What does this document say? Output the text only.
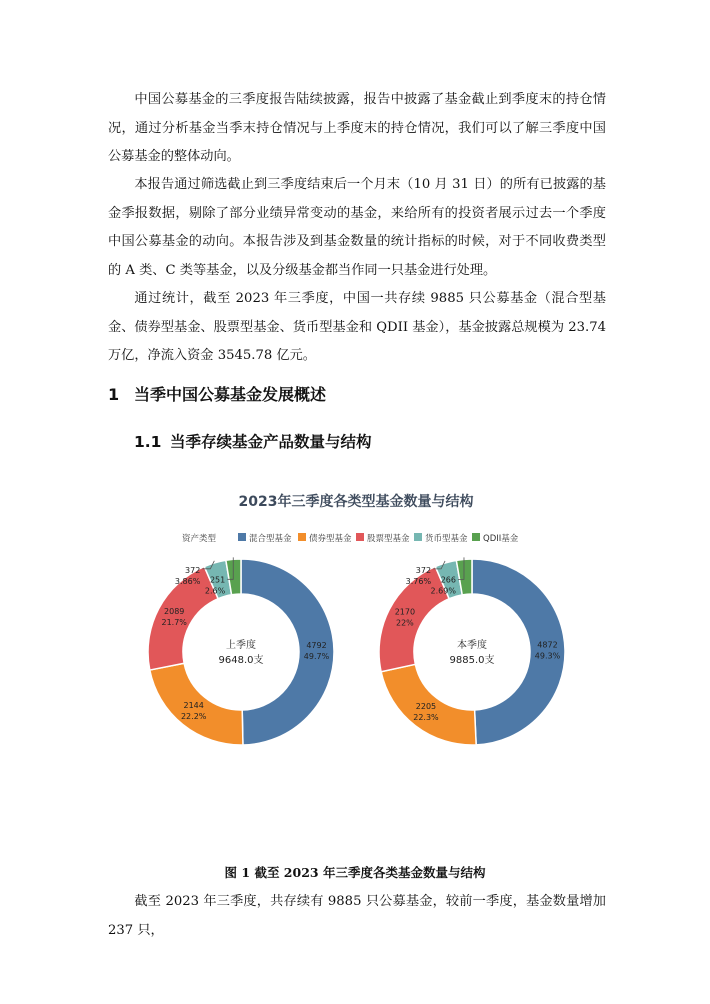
中国公募基金的三季度报告陆续披露，报告中披露了基金截止到季度末的持仓情况，通过分析基金当季末持仓情况与上季度末的持仓情况，我们可以了解三季度中国公募基金的整体动向。

本报告通过筛选截止到三季度结束后一个月末（10 月 31 日）的所有已披露的基金季报数据，剔除了部分业绩异常变动的基金，来给所有的投资者展示过去一个季度中国公募基金的动向。本报告涉及到基金数量的统计指标的时候，对于不同收费类型的 A 类、C 类等基金，以及分级基金都当作同一只基金进行处理。

通过统计，截至 2023 年三季度，中国一共存续 9885 只公募基金（混合型基金、债券型基金、股票型基金、货币型基金和 QDII 基金），基金披露总规模为 23.74 万亿，净流入资金 3545.78 亿元。

1 当季中国公募基金发展概述
1.1 当季存续基金产品数量与结构
2023年三季度各类型基金数量与结构
资产类型	混合型基金 债券型基金 股票型基金 货币型基金 QDII基金
4792
49.7%
2144
22.2%
2089
21.7%
372
3.86% 251
2.6%
上季度
9648.0支
4872
49.3%
2205
22.3%
2170
22%
372
3.76% 266
2.69%
本季度
9885.0支

图 1 截至 2023 年三季度各类基金数量与结构

截至 2023 年三季度，共存续有 9885 只公募基金，较前一季度，基金数量增加 237 只，
